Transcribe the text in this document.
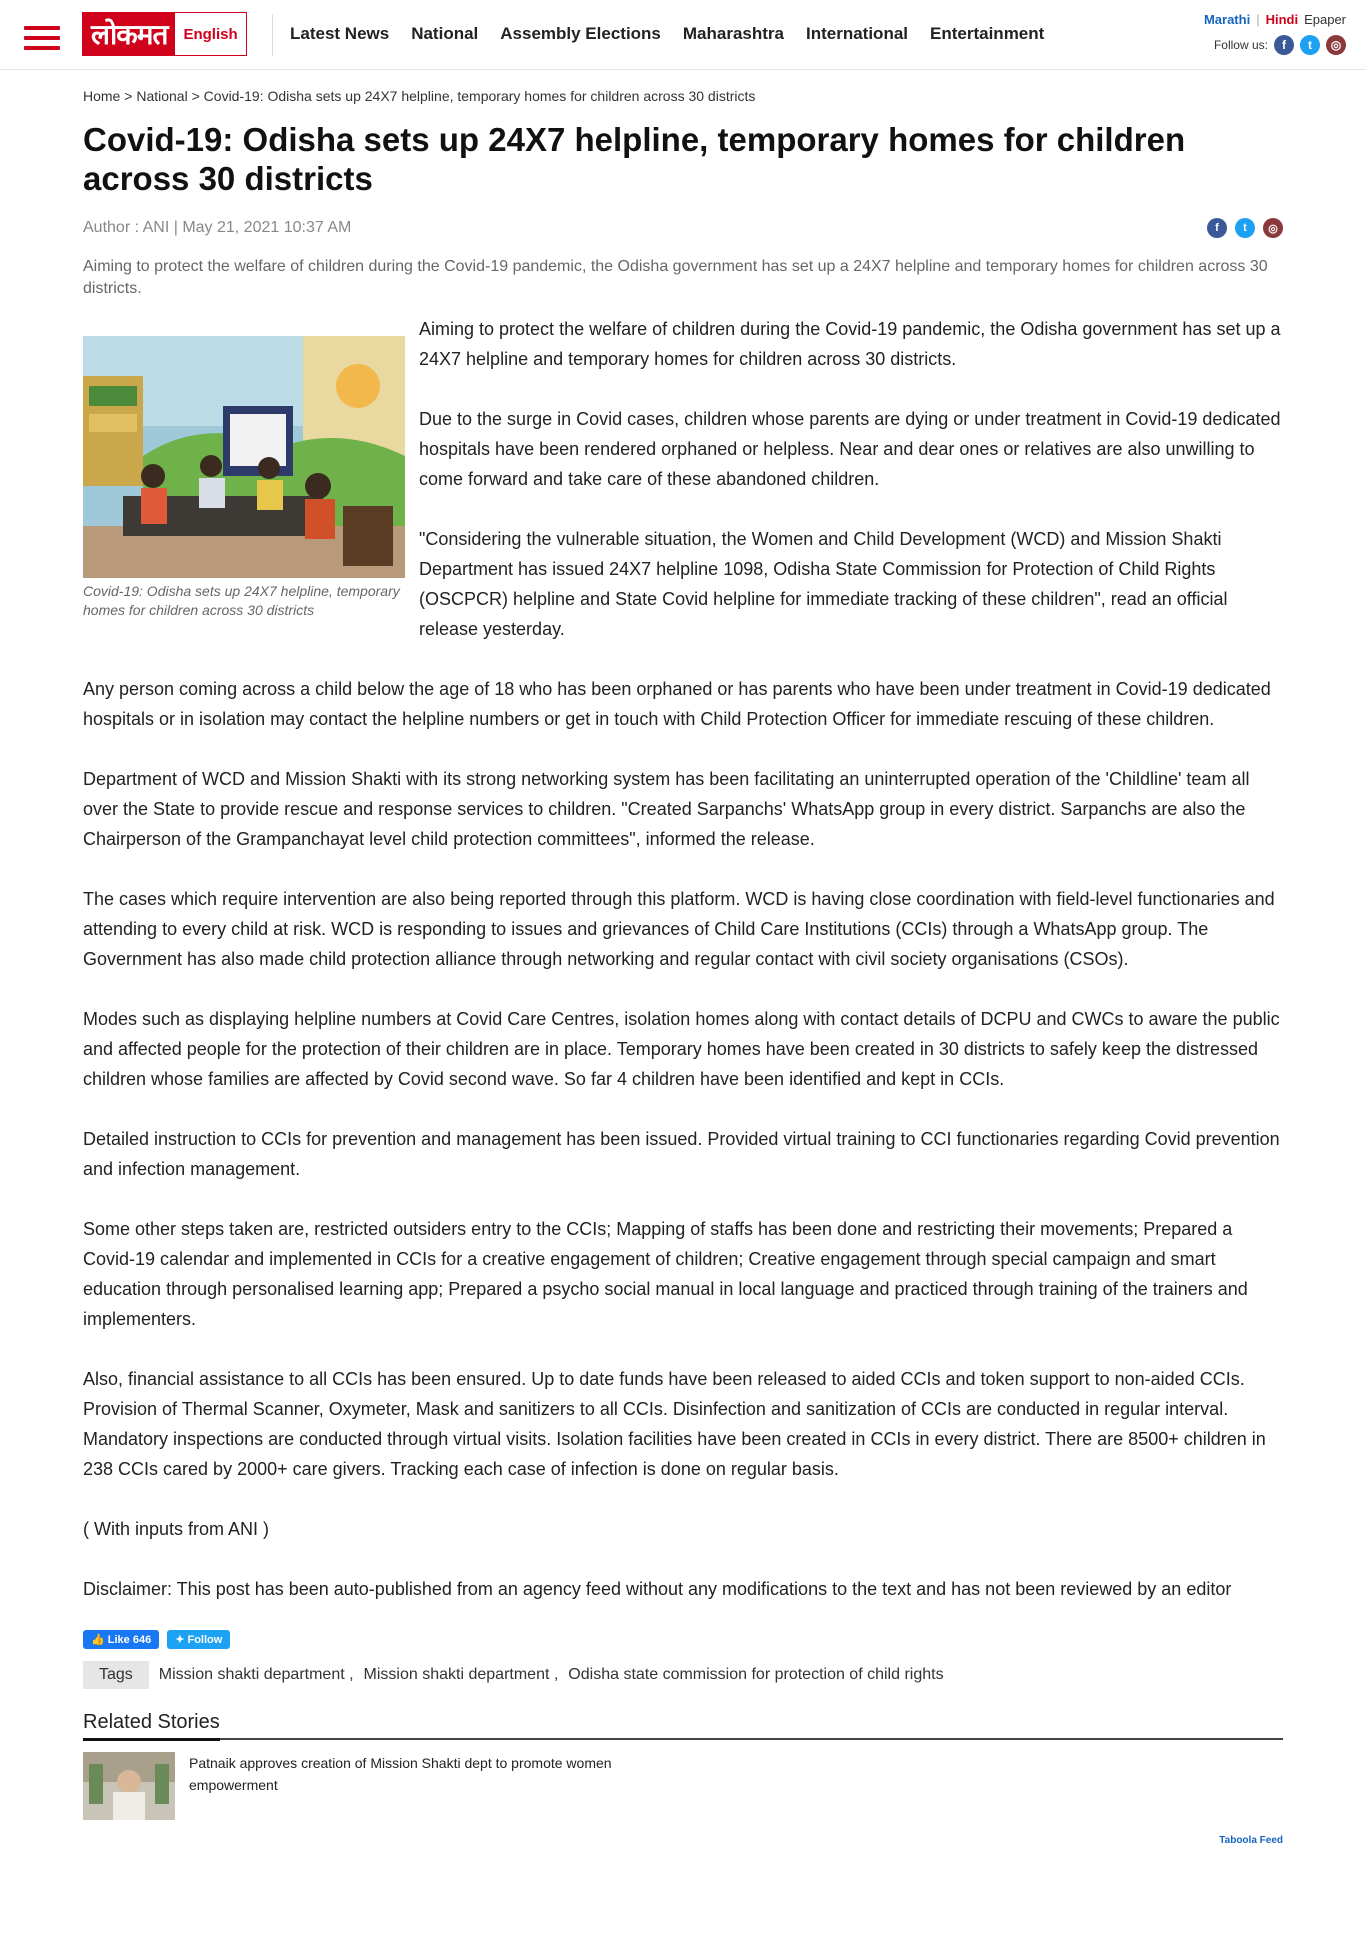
लोकमत	English	Latest News National Assembly Elections Maharashtra International Entertainment
Marathi | Hindi Epaper
Follow us:	f	t	◎
Home > National > Covid-19: Odisha sets up 24X7 helpline, temporary homes for children across 30 districts
Covid-19: Odisha sets up 24X7 helpline, temporary homes for children across 30 districts
Author : ANI | May 21, 2021 10:37 AM	f	t	◎

Aiming to protect the welfare of children during the Covid-19 pandemic, the Odisha government has set up a 24X7 helpline and temporary homes for children across 30 districts.

Covid-19: Odisha sets up 24X7 helpline, temporary homes for children across 30 districts

Aiming to protect the welfare of children during the Covid-19 pandemic, the Odisha government has set up a 24X7 helpline and temporary homes for children across 30 districts.

Due to the surge in Covid cases, children whose parents are dying or under treatment in Covid-19 dedicated hospitals have been rendered orphaned or helpless. Near and dear ones or relatives are also unwilling to come forward and take care of these abandoned children.

"Considering the vulnerable situation, the Women and Child Development (WCD) and Mission Shakti Department has issued 24X7 helpline 1098, Odisha State Commission for Protection of Child Rights (OSCPCR) helpline and State Covid helpline for immediate tracking of these children", read an official release yesterday.

Any person coming across a child below the age of 18 who has been orphaned or has parents who have been under treatment in Covid-19 dedicated hospitals or in isolation may contact the helpline numbers or get in touch with Child Protection Officer for immediate rescuing of these children.

Department of WCD and Mission Shakti with its strong networking system has been facilitating an uninterrupted operation of the 'Childline' team all over the State to provide rescue and response services to children. "Created Sarpanchs' WhatsApp group in every district. Sarpanchs are also the Chairperson of the Grampanchayat level child protection committees", informed the release.

The cases which require intervention are also being reported through this platform. WCD is having close coordination with field-level functionaries and attending to every child at risk. WCD is responding to issues and grievances of Child Care Institutions (CCIs) through a WhatsApp group. The Government has also made child protection alliance through networking and regular contact with civil society organisations (CSOs).

Modes such as displaying helpline numbers at Covid Care Centres, isolation homes along with contact details of DCPU and CWCs to aware the public and affected people for the protection of their children are in place. Temporary homes have been created in 30 districts to safely keep the distressed children whose families are affected by Covid second wave. So far 4 children have been identified and kept in CCIs.

Detailed instruction to CCIs for prevention and management has been issued. Provided virtual training to CCI functionaries regarding Covid prevention and infection management.

Some other steps taken are, restricted outsiders entry to the CCIs; Mapping of staffs has been done and restricting their movements; Prepared a Covid-19 calendar and implemented in CCIs for a creative engagement of children; Creative engagement through special campaign and smart education through personalised learning app; Prepared a psycho social manual in local language and practiced through training of the trainers and implementers.

Also, financial assistance to all CCIs has been ensured. Up to date funds have been released to aided CCIs and token support to non-aided CCIs. Provision of Thermal Scanner, Oxymeter, Mask and sanitizers to all CCIs. Disinfection and sanitization of CCIs are conducted in regular interval. Mandatory inspections are conducted through virtual visits. Isolation facilities have been created in CCIs in every district. There are 8500+ children in 238 CCIs cared by 2000+ care givers. Tracking each case of infection is done on regular basis.

( With inputs from ANI )

Disclaimer: This post has been auto-published from an agency feed without any modifications to the text and has not been reviewed by an editor

👍 Like 646	✦ Follow
Tags	Mission shakti department , Mission shakti department , Odisha state commission for protection of child rights
Related Stories
Patnaik approves creation of Mission Shakti dept to promote women empowerment
Taboola Feed
